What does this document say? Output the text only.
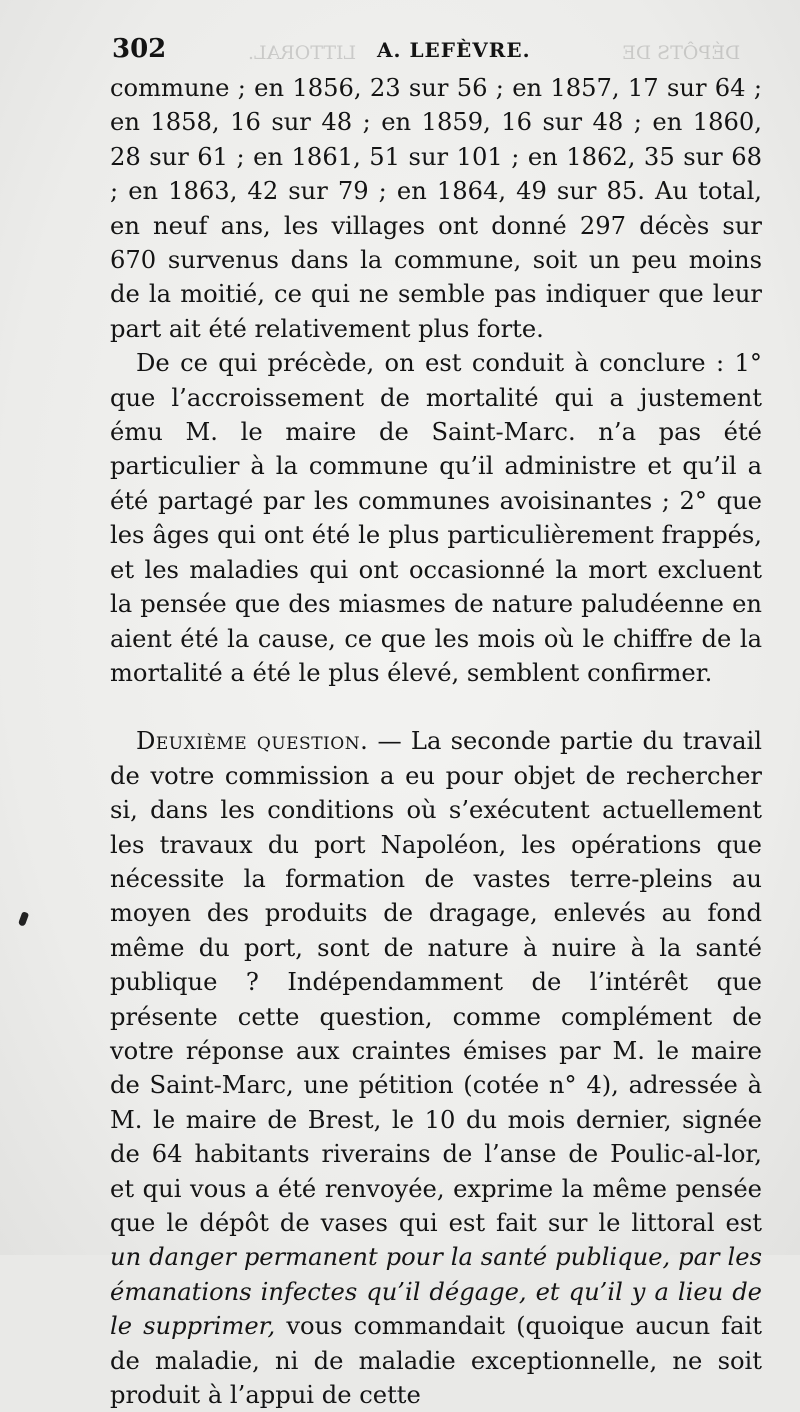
LITTORAL.	DÉPÔTS DE
302	A. LEFÈVRE.

commune ; en 1856, 23 sur 56 ; en 1857, 17 sur 64 ; en 1858, 16 sur 48 ; en 1859, 16 sur 48 ; en 1860, 28 sur 61 ; en 1861, 51 sur 101 ; en 1862, 35 sur 68 ; en 1863, 42 sur 79 ; en 1864, 49 sur 85. Au total, en neuf ans, les villages ont donné 297 décès sur 670 survenus dans la commune, soit un peu moins de la moitié, ce qui ne semble pas indiquer que leur part ait été relativement plus forte.

De ce qui précède, on est conduit à conclure : 1° que l’accroissement de mortalité qui a justement ému M. le maire de Saint-Marc. n’a pas été particulier à la commune qu’il administre et qu’il a été partagé par les communes avoisinantes ; 2° que les âges qui ont été le plus particulièrement frappés, et les maladies qui ont occasionné la mort excluent la pensée que des miasmes de nature paludéenne en aient été la cause, ce que les mois où le chiffre de la mortalité a été le plus élevé, semblent confirmer.

Deuxième question. — La seconde partie du travail de votre commission a eu pour objet de rechercher si, dans les conditions où s’exécutent actuellement les travaux du port Napoléon, les opérations que nécessite la formation de vastes terre-pleins au moyen des produits de dragage, enlevés au fond même du port, sont de nature à nuire à la santé publique ? Indépendamment de l’intérêt que présente cette question, comme complément de votre réponse aux craintes émises par M. le maire de Saint-Marc, une pétition (cotée n° 4), adressée à M. le maire de Brest, le 10 du mois dernier, signée de 64 habitants riverains de l’anse de Poulic-al-lor, et qui vous a été renvoyée, exprime la même pensée que le dépôt de vases qui est fait sur le littoral est un danger permanent pour la santé publique, par les émanations infectes qu’il dégage, et qu’il y a lieu de le supprimer, vous commandait (quoique aucun fait de maladie, ni de maladie exceptionnelle, ne soit produit à l’appui de cette
